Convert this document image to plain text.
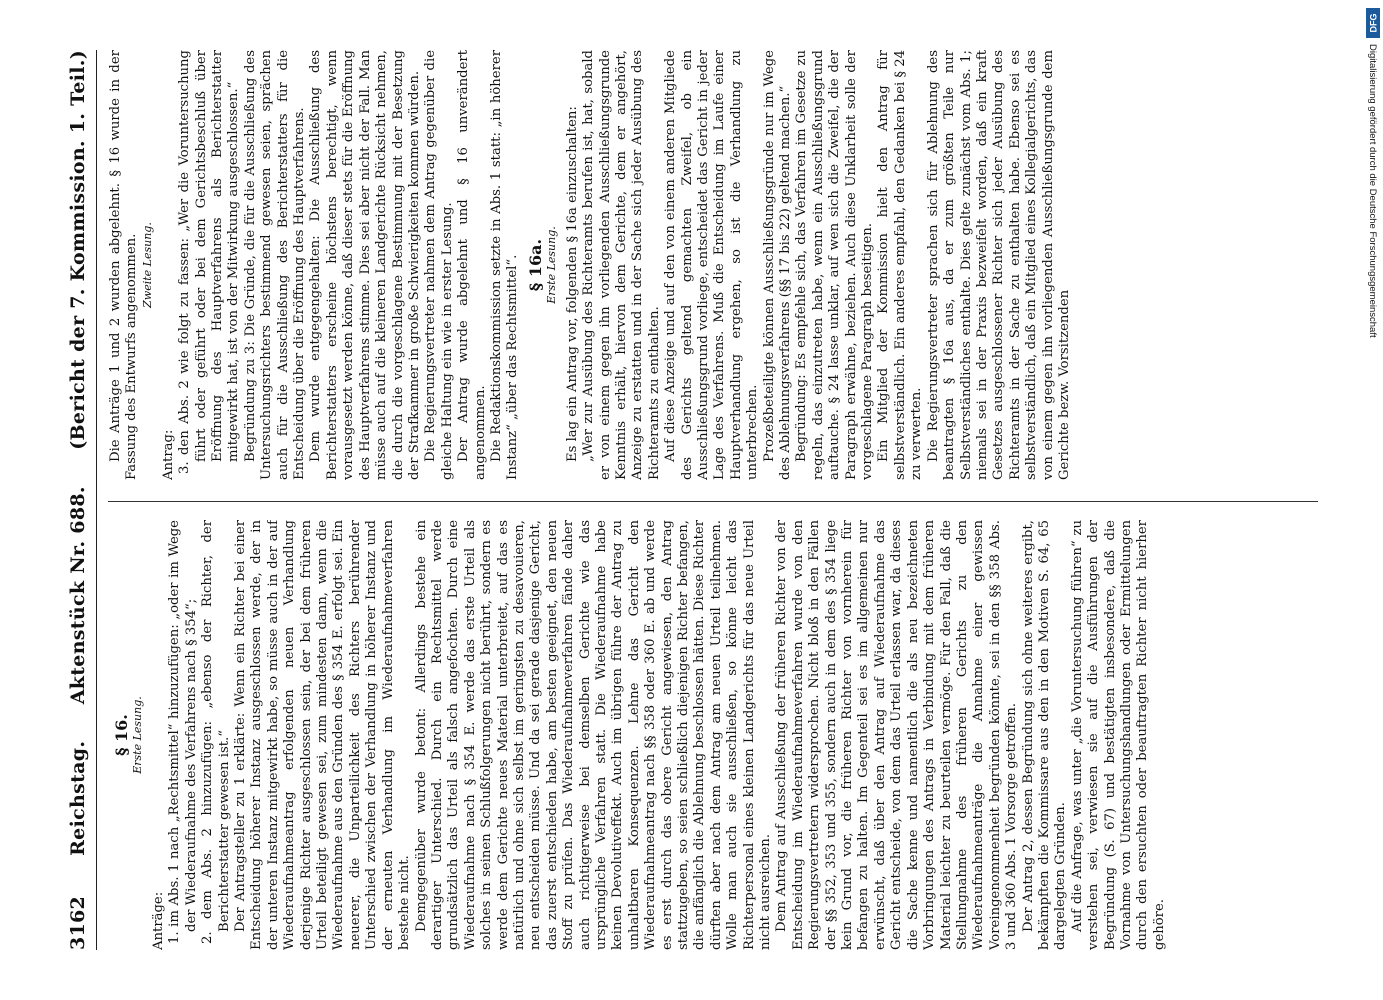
3162
Reichstag.
Aktenstück Nr. 688.
(Bericht der 7. Kommission. 1. Teil.)
§ 16. Erste Lesung.

Anträge: 1. im Abs. 1 nach „Rechtsmittel“ hinzuzufügen: „oder im Wege der Wiederaufnahme des Verfahrens nach § 354“; 2. dem Abs. 2 hinzuzufügen: „ebenso der Richter, der Berichterstatter gewesen ist.“ Der Antragsteller zu 1 erklärte: Wenn ein Richter bei einer Entscheidung höherer Instanz ausgeschlossen werde, der in der unteren Instanz mitgewirkt habe, so müsse auch in der auf Wiederaufnahmeantrag erfolgenden neuen Verhandlung derjenige Richter ausgeschlossen sein, der bei dem früheren Urteil beteiligt gewesen sei, zum mindesten dann, wenn die Wiederaufnahme aus den Gründen des § 354 E. erfolgt sei. Ein neuerer, die Unparteilichkeit des Richters berührender Unterschied zwischen der Verhandlung in höherer Instanz und der erneuten Verhandlung im Wiederaufnahmeverfahren bestehe nicht. Demgegenüber wurde betont: Allerdings bestehe ein derartiger Unterschied. Durch ein Rechtsmittel werde grundsätzlich das Urteil als falsch angefochten. Durch eine Wiederaufnahme nach § 354 E. werde das erste Urteil als solches in seinen Schlußfolgerungen nicht berührt, sondern es werde dem Gerichte neues Material unterbreitet, auf das es natürlich und ohne sich selbst im geringsten zu desavouieren, neu entscheiden müsse. Und da sei gerade dasjenige Gericht, das zuerst entschieden habe, am besten geeignet, den neuen Stoff zu prüfen. Das Wiederaufnahmeverfahren fände daher auch richtigerweise bei demselben Gerichte wie das ursprüngliche Verfahren statt. Die Wiederaufnahme habe keinen Devolutiveffekt. Auch im übrigen führe der Antrag zu unhaltbaren Konsequenzen. Lehne das Gericht den Wiederaufnahmeantrag nach §§ 358 oder 360 E. ab und werde es erst durch das obere Gericht angewiesen, den Antrag stattzugeben, so seien schließlich diejenigen Richter befangen, die anfänglich die Ablehnung beschlossen hätten. Diese Richter dürften aber nach dem Antrag am neuen Urteil teilnehmen. Wolle man auch sie ausschließen, so könne leicht das Richterpersonal eines kleinen Landgerichts für das neue Urteil nicht ausreichen. Dem Antrag auf Ausschließung der früheren Richter von der Entscheidung im Wiederaufnahmeverfahren wurde von den Regierungsvertretern widersprochen. Nicht bloß in den Fällen der §§ 352, 353 und 355, sondern auch in dem des § 354 liege kein Grund vor, die früheren Richter von vornherein für befangen zu halten. Im Gegenteil sei es im allgemeinen nur erwünscht, daß über den Antrag auf Wiederaufnahme das Gericht entscheide, von dem das Urteil erlassen war, da dieses die Sache kenne und namentlich die als neu bezeichneten Vorbringungen des Antrags in Verbindung mit dem früheren Material leichter zu beurteilen vermöge. Für den Fall, daß die Stellungnahme des früheren Gerichts zu den Wiederaufnahmeanträge die Annahme einer gewissen Voreingenommenheit begründen könnte, sei in den §§ 358 Abs. 3 und 360 Abs. 1 Vorsorge getroffen. Der Antrag 2, dessen Begründung sich ohne weiteres ergibt, bekämpften die Kommissare aus den in den Motiven S. 64, 65 dargelegten Gründen. Auf die Anfrage, was unter „die Voruntersuchung führen“ zu verstehen sei, verwiesen sie auf die Ausführungen der Begründung (S. 67) und bestätigten insbesondere, daß die Vornahme von Untersuchungshandlungen oder Ermittelungen durch den ersuchten oder beauftragten Richter nicht hierher gehöre.

Die Anträge 1 und 2 wurden abgelehnt. § 16 wurde in der Fassung des Entwurfs angenommen. Zweite Lesung.

Antrag: 3. den Abs. 2 wie folgt zu fassen: „Wer die Voruntersuchung führt oder geführt oder bei dem Gerichtsbeschluß über Eröffnung des Hauptverfahrens als Berichterstatter mitgewirkt hat, ist von der Mitwirkung ausgeschlossen.“ Begründung zu 3: Die Gründe, die für die Ausschließung des Untersuchungsrichters bestimmend gewesen seien, sprächen auch für die Ausschließung des Berichterstatters für die Entscheidung über die Eröffnung des Hauptverfahrens. Dem wurde entgegengehalten: Die Ausschließung des Berichterstatters erscheine höchstens berechtigt, wenn vorausgesetzt werden könne, daß dieser stets für die Eröffnung des Hauptverfahrens stimme. Dies sei aber nicht der Fall. Man müsse auch auf die kleineren Landgerichte Rücksicht nehmen, die durch die vorgeschlagene Bestimmung mit der Besetzung der Strafkammer in große Schwierigkeiten kommen würden. Die Regierungsvertreter nahmen dem Antrag gegenüber die gleiche Haltung ein wie in erster Lesung. Der Antrag wurde abgelehnt und § 16 unverändert angenommen. Die Redaktionskommission setzte in Abs. 1 statt: „in höherer Instanz“ „über das Rechtsmittel“. § 16a. Erste Lesung. Es lag ein Antrag vor, folgenden § 16a einzuschalten: „Wer zur Ausübung des Richteramts berufen ist, hat, sobald er von einem gegen ihn vorliegenden Ausschließungsgrunde Kenntnis erhält, hiervon dem Gerichte, dem er angehört, Anzeige zu erstatten und in der Sache sich jeder Ausübung des Richteramts zu enthalten. Auf diese Anzeige und auf den von einem anderen Mitgliede des Gerichts geltend gemachten Zweifel, ob ein Ausschließungsgrund vorliege, entscheidet das Gericht in jeder Lage des Verfahrens. Muß die Entscheidung im Laufe einer Hauptverhandlung ergehen, so ist die Verhandlung zu unterbrechen. Prozeßbeteiligte können Ausschließungsgründe nur im Wege des Ablehnungsverfahrens (§§ 17 bis 22) geltend machen.“ Begründung: Es empfehle sich, das Verfahren im Gesetze zu regeln, das einzutreten habe, wenn ein Ausschließungsgrund auftauche. § 24 lasse unklar, auf wen sich die Zweifel, die der Paragraph erwähne, beziehen. Auch diese Unklarheit solle der vorgeschlagene Paragraph beseitigen. Ein Mitglied der Kommission hielt den Antrag für selbstverständlich. Ein anderes empfahl, den Gedanken bei § 24 zu verwerten. Die Regierungsvertreter sprachen sich für Ablehnung des beantragten § 16a aus, da er zum größten Teile nur Selbstverständliches enthalte. Dies gelte zunächst vom Abs. 1; niemals sei in der Praxis bezweifelt worden, daß ein kraft Gesetzes ausgeschlossener Richter sich jeder Ausübung des Richteramts in der Sache zu enthalten habe. Ebenso sei es selbstverständlich, daß ein Mitglied eines Kollegialgerichts, das von einem gegen ihn vorliegenden Ausschließungsgrunde dem Gerichte bezw. Vorsitzenden

DFG
Digitalisierung gefördert durch die Deutsche Forschungsgemeinschaft
